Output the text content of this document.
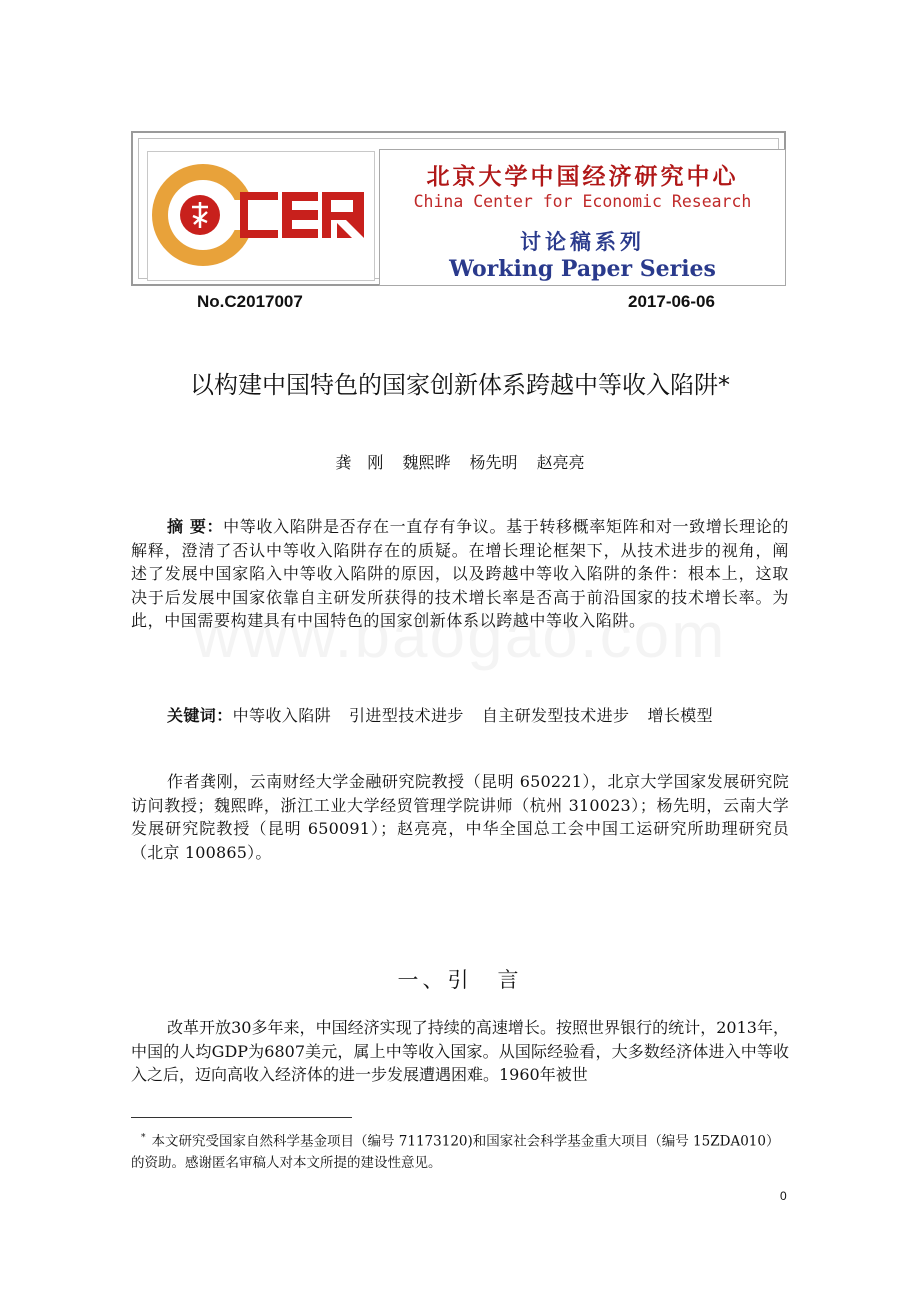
北京大学中国经济研究中心
China Center for Economic Research
讨论稿系列
Working Paper Series
No.C2017007	2017-06-06
以构建中国特色的国家创新体系跨越中等收入陷阱*
龚　刚 魏熙晔 杨先明 赵亮亮
摘 要：中等收入陷阱是否存在一直存有争议。基于转移概率矩阵和对一致增长理论的解释，澄清了否认中等收入陷阱存在的质疑。在增长理论框架下，从技术进步的视角，阐述了发展中国家陷入中等收入陷阱的原因，以及跨越中等收入陷阱的条件：根本上，这取决于后发展中国家依靠自主研发所获得的技术增长率是否高于前沿国家的技术增长率。为此，中国需要构建具有中国特色的国家创新体系以跨越中等收入陷阱。
关键词：中等收入陷阱 引进型技术进步 自主研发型技术进步 增长模型
作者龚刚，云南财经大学金融研究院教授（昆明 650221），北京大学国家发展研究院访问教授；魏熙晔，浙江工业大学经贸管理学院讲师（杭州 310023）；杨先明，云南大学发展研究院教授（昆明 650091）；赵亮亮，中华全国总工会中国工运研究所助理研究员（北京 100865）。
一、引　言
改革开放30多年来，中国经济实现了持续的高速增长。按照世界银行的统计，2013年，中国的人均GDP为6807美元，属上中等收入国家。从国际经验看，大多数经济体进入中等收入之后，迈向高收入经济体的进一步发展遭遇困难。1960年被世
* 本文研究受国家自然科学基金项目（编号 71173120)和国家社会科学基金重大项目（编号 15ZDA010）的资助。感谢匿名审稿人对本文所提的建设性意见。
0
